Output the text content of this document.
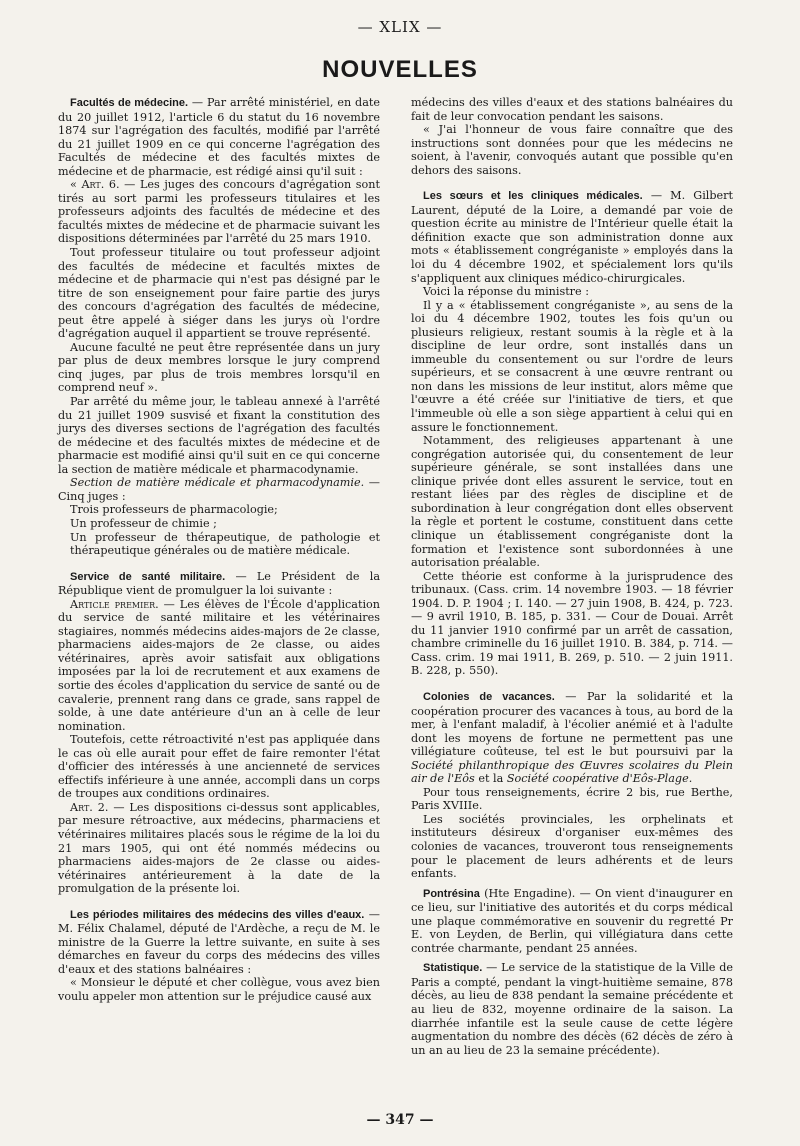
— XLIX —
NOUVELLES

Facultés de médecine. — Par arrêté ministériel, en date du 20 juillet 1912, l'article 6 du statut du 16 novembre 1874 sur l'agrégation des facultés, modifié par l'arrêté du 21 juillet 1909 en ce qui concerne l'agrégation des Facultés de médecine et des facultés mixtes de médecine et de pharmacie, est rédigé ainsi qu'il suit :

« Art. 6. — Les juges des concours d'agrégation sont tirés au sort parmi les professeurs titulaires et les professeurs adjoints des facultés de médecine et des facultés mixtes de médecine et de pharmacie suivant les dispositions déterminées par l'arrêté du 25 mars 1910.

Tout professeur titulaire ou tout professeur adjoint des facultés de médecine et facultés mixtes de médecine et de pharmacie qui n'est pas désigné par le titre de son enseignement pour faire partie des jurys des concours d'agrégation des facultés de médecine, peut être appelé à siéger dans les jurys où l'ordre d'agrégation auquel il appartient se trouve représenté.

Aucune faculté ne peut être représentée dans un jury par plus de deux membres lorsque le jury comprend cinq juges, par plus de trois membres lorsqu'il en comprend neuf ».

Par arrêté du même jour, le tableau annexé à l'arrêté du 21 juillet 1909 susvisé et fixant la constitution des jurys des diverses sections de l'agrégation des facultés de médecine et des facultés mixtes de médecine et de pharmacie est modifié ainsi qu'il suit en ce qui concerne la section de matière médicale et pharmacodynamie.

Section de matière médicale et pharmacodynamie. — Cinq juges :

Trois professeurs de pharmacologie;

Un professeur de chimie ;

Un professeur de thérapeutique, de pathologie et thérapeutique générales ou de matière médicale.

Service de santé militaire. — Le Président de la République vient de promulguer la loi suivante :

Article premier. — Les élèves de l'École d'application du service de santé militaire et les vétérinaires stagiaires, nommés médecins aides-majors de 2e classe, pharmaciens aides-majors de 2e classe, ou aides vétérinaires, après avoir satisfait aux obligations imposées par la loi de recrutement et aux examens de sortie des écoles d'application du service de santé ou de cavalerie, prennent rang dans ce grade, sans rappel de solde, à une date antérieure d'un an à celle de leur nomination.

Toutefois, cette rétroactivité n'est pas appliquée dans le cas où elle aurait pour effet de faire remonter l'état d'officier des intéressés à une ancienneté de services effectifs inférieure à une année, accompli dans un corps de troupes aux conditions ordinaires.

Art. 2. — Les dispositions ci-dessus sont applicables, par mesure rétroactive, aux médecins, pharmaciens et vétérinaires militaires placés sous le régime de la loi du 21 mars 1905, qui ont été nommés médecins ou pharmaciens aides-majors de 2e classe ou aides-vétérinaires antérieurement à la date de la promulgation de la présente loi.

Les périodes militaires des médecins des villes d'eaux. — M. Félix Chalamel, député de l'Ardèche, a reçu de M. le ministre de la Guerre la lettre suivante, en suite à ses démarches en faveur du corps des médecins des villes d'eaux et des stations balnéaires :

« Monsieur le député et cher collègue, vous avez bien voulu appeler mon attention sur le préjudice causé aux

médecins des villes d'eaux et des stations balnéaires du fait de leur convocation pendant les saisons.

« J'ai l'honneur de vous faire connaître que des instructions sont données pour que les médecins ne soient, à l'avenir, convoqués autant que possible qu'en dehors des saisons.

Les sœurs et les cliniques médicales. — M. Gilbert Laurent, député de la Loire, a demandé par voie de question écrite au ministre de l'Intérieur quelle était la définition exacte que son administration donne aux mots « établissement congréganiste » employés dans la loi du 4 décembre 1902, et spécialement lors qu'ils s'appliquent aux cliniques médico-chirurgicales.

Voici la réponse du ministre :

Il y a « établissement congréganiste », au sens de la loi du 4 décembre 1902, toutes les fois qu'un ou plusieurs religieux, restant soumis à la règle et à la discipline de leur ordre, sont installés dans un immeuble du consentement ou sur l'ordre de leurs supérieurs, et se consacrent à une œuvre rentrant ou non dans les missions de leur institut, alors même que l'œuvre a été créée sur l'initiative de tiers, et que l'immeuble où elle a son siège appartient à celui qui en assure le fonctionnement.

Notamment, des religieuses appartenant à une congrégation autorisée qui, du consentement de leur supérieure générale, se sont installées dans une clinique privée dont elles assurent le service, tout en restant liées par des règles de discipline et de subordination à leur congrégation dont elles observent la règle et portent le costume, constituent dans cette clinique un établissement congréganiste dont la formation et l'existence sont subordonnées à une autorisation préalable.

Cette théorie est conforme à la jurisprudence des tribunaux. (Cass. crim. 14 novembre 1903. — 18 février 1904. D. P. 1904 ; I. 140. — 27 juin 1908, B. 424, p. 723. — 9 avril 1910, B. 185, p. 331. — Cour de Douai. Arrêt du 11 janvier 1910 confirmé par un arrêt de cassation, chambre criminelle du 16 juillet 1910. B. 384, p. 714. — Cass. crim. 19 mai 1911, B. 269, p. 510. — 2 juin 1911. B. 228, p. 550).

Colonies de vacances. — Par la solidarité et la coopération procurer des vacances à tous, au bord de la mer, à l'enfant maladif, à l'écolier anémié et à l'adulte dont les moyens de fortune ne permettent pas une villégiature coûteuse, tel est le but poursuivi par la Société philanthropique des Œuvres scolaires du Plein air de l'Eôs et la Société coopérative d'Eôs-Plage.

Pour tous renseignements, écrire 2 bis, rue Berthe, Paris XVIIIe.

Les sociétés provinciales, les orphelinats et instituteurs désireux d'organiser eux-mêmes des colonies de vacances, trouveront tous renseignements pour le placement de leurs adhérents et de leurs enfants.

Pontrésina (Hte Engadine). — On vient d'inaugurer en ce lieu, sur l'initiative des autorités et du corps médical une plaque commémorative en souvenir du regretté Pr E. von Leyden, de Berlin, qui villégiatura dans cette contrée charmante, pendant 25 années.

Statistique. — Le service de la statistique de la Ville de Paris a compté, pendant la vingt-huitième semaine, 878 décès, au lieu de 838 pendant la semaine précédente et au lieu de 832, moyenne ordinaire de la saison. La diarrhée infantile est la seule cause de cette légère augmentation du nombre des décès (62 décès de zéro à un an au lieu de 23 la semaine précédente).

— 347 —
